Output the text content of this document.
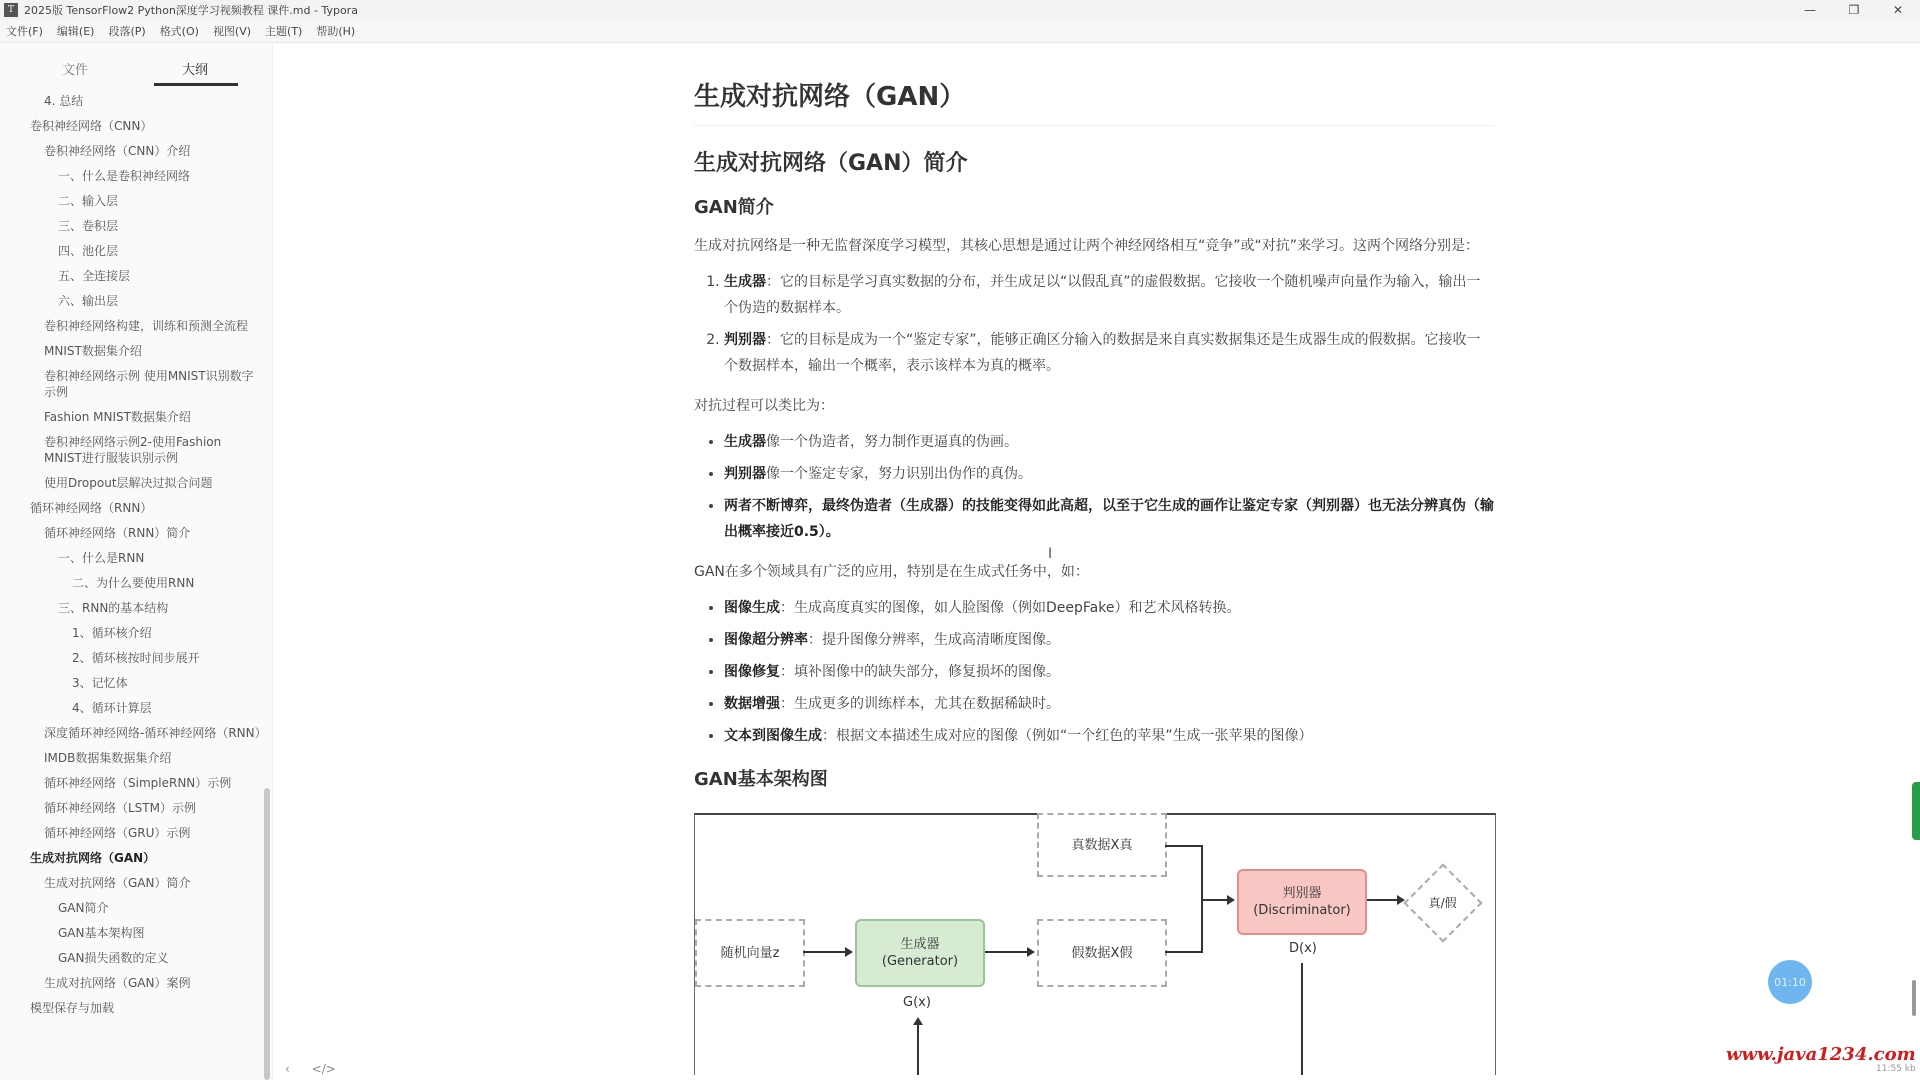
T 2025版 TensorFlow2 Python深度学习视频教程 课件.md - Typora	—	❐	✕
文件(F) 编辑(E) 段落(P) 格式(O) 视图(V) 主题(T) 帮助(H)
文件	大纲
4. 总结
卷积神经网络（CNN）
卷积神经网络（CNN）介绍
一、什么是卷积神经网络
二、输入层
三、卷积层
四、池化层
五、全连接层
六、输出层
卷积神经网络构建，训练和预测全流程
MNIST数据集介绍
卷积神经网络示例 使用MNIST识别数字示例
Fashion MNIST数据集介绍
卷积神经网络示例2-使用Fashion MNIST进行服装识别示例
使用Dropout层解决过拟合问题
循环神经网络（RNN）
循环神经网络（RNN）简介
一、什么是RNN
二、为什么要使用RNN
三、RNN的基本结构
1、循环核介绍
2、循环核按时间步展开
3、记忆体
4、循环计算层
深度循环神经网络-循环神经网络（RNN）
IMDB数据集数据集介绍
循环神经网络（SimpleRNN）示例
循环神经网络（LSTM）示例
循环神经网络（GRU）示例
生成对抗网络（GAN）
生成对抗网络（GAN）简介
GAN简介
GAN基本架构图
GAN损失函数的定义
生成对抗网络（GAN）案例
模型保存与加载
‹ </>
生成对抗网络（GAN）
生成对抗网络（GAN）简介
GAN简介

生成对抗网络是一种无监督深度学习模型，其核心思想是通过让两个神经网络相互“竞争”或“对抗”来学习。这两个网络分别是：

1. 生成器：它的目标是学习真实数据的分布，并生成足以“以假乱真”的虚假数据。它接收一个随机噪声向量作为输入，输出一个伪造的数据样本。
2. 判别器：它的目标是成为一个“鉴定专家”，能够正确区分输入的数据是来自真实数据集还是生成器生成的假数据。它接收一个数据样本，输出一个概率，表示该样本为真的概率。

对抗过程可以类比为：

• 生成器像一个伪造者，努力制作更逼真的伪画。
• 判别器像一个鉴定专家，努力识别出伪作的真伪。
• 两者不断博弈，最终伪造者（生成器）的技能变得如此高超，以至于它生成的画作让鉴定专家（判别器）也无法分辨真伪（输出概率接近0.5）。

GAN在多个领域具有广泛的应用，特别是在生成式任务中，如：

• 图像生成：生成高度真实的图像，如人脸图像（例如DeepFake）和艺术风格转换。
• 图像超分辨率：提升图像分辨率，生成高清晰度图像。
• 图像修复：填补图像中的缺失部分，修复损坏的图像。
• 数据增强：生成更多的训练样本，尤其在数据稀缺时。
• 文本到图像生成：根据文本描述生成对应的图像（例如“一个红色的苹果”生成一张苹果的图像）
GAN基本架构图
真数据X真
随机向量z
生成器
(Generator)
假数据X假
判别器
(Discriminator)
真/假
G(x)
D(x)
I
01:10
www.java1234.com
11:55 kb
